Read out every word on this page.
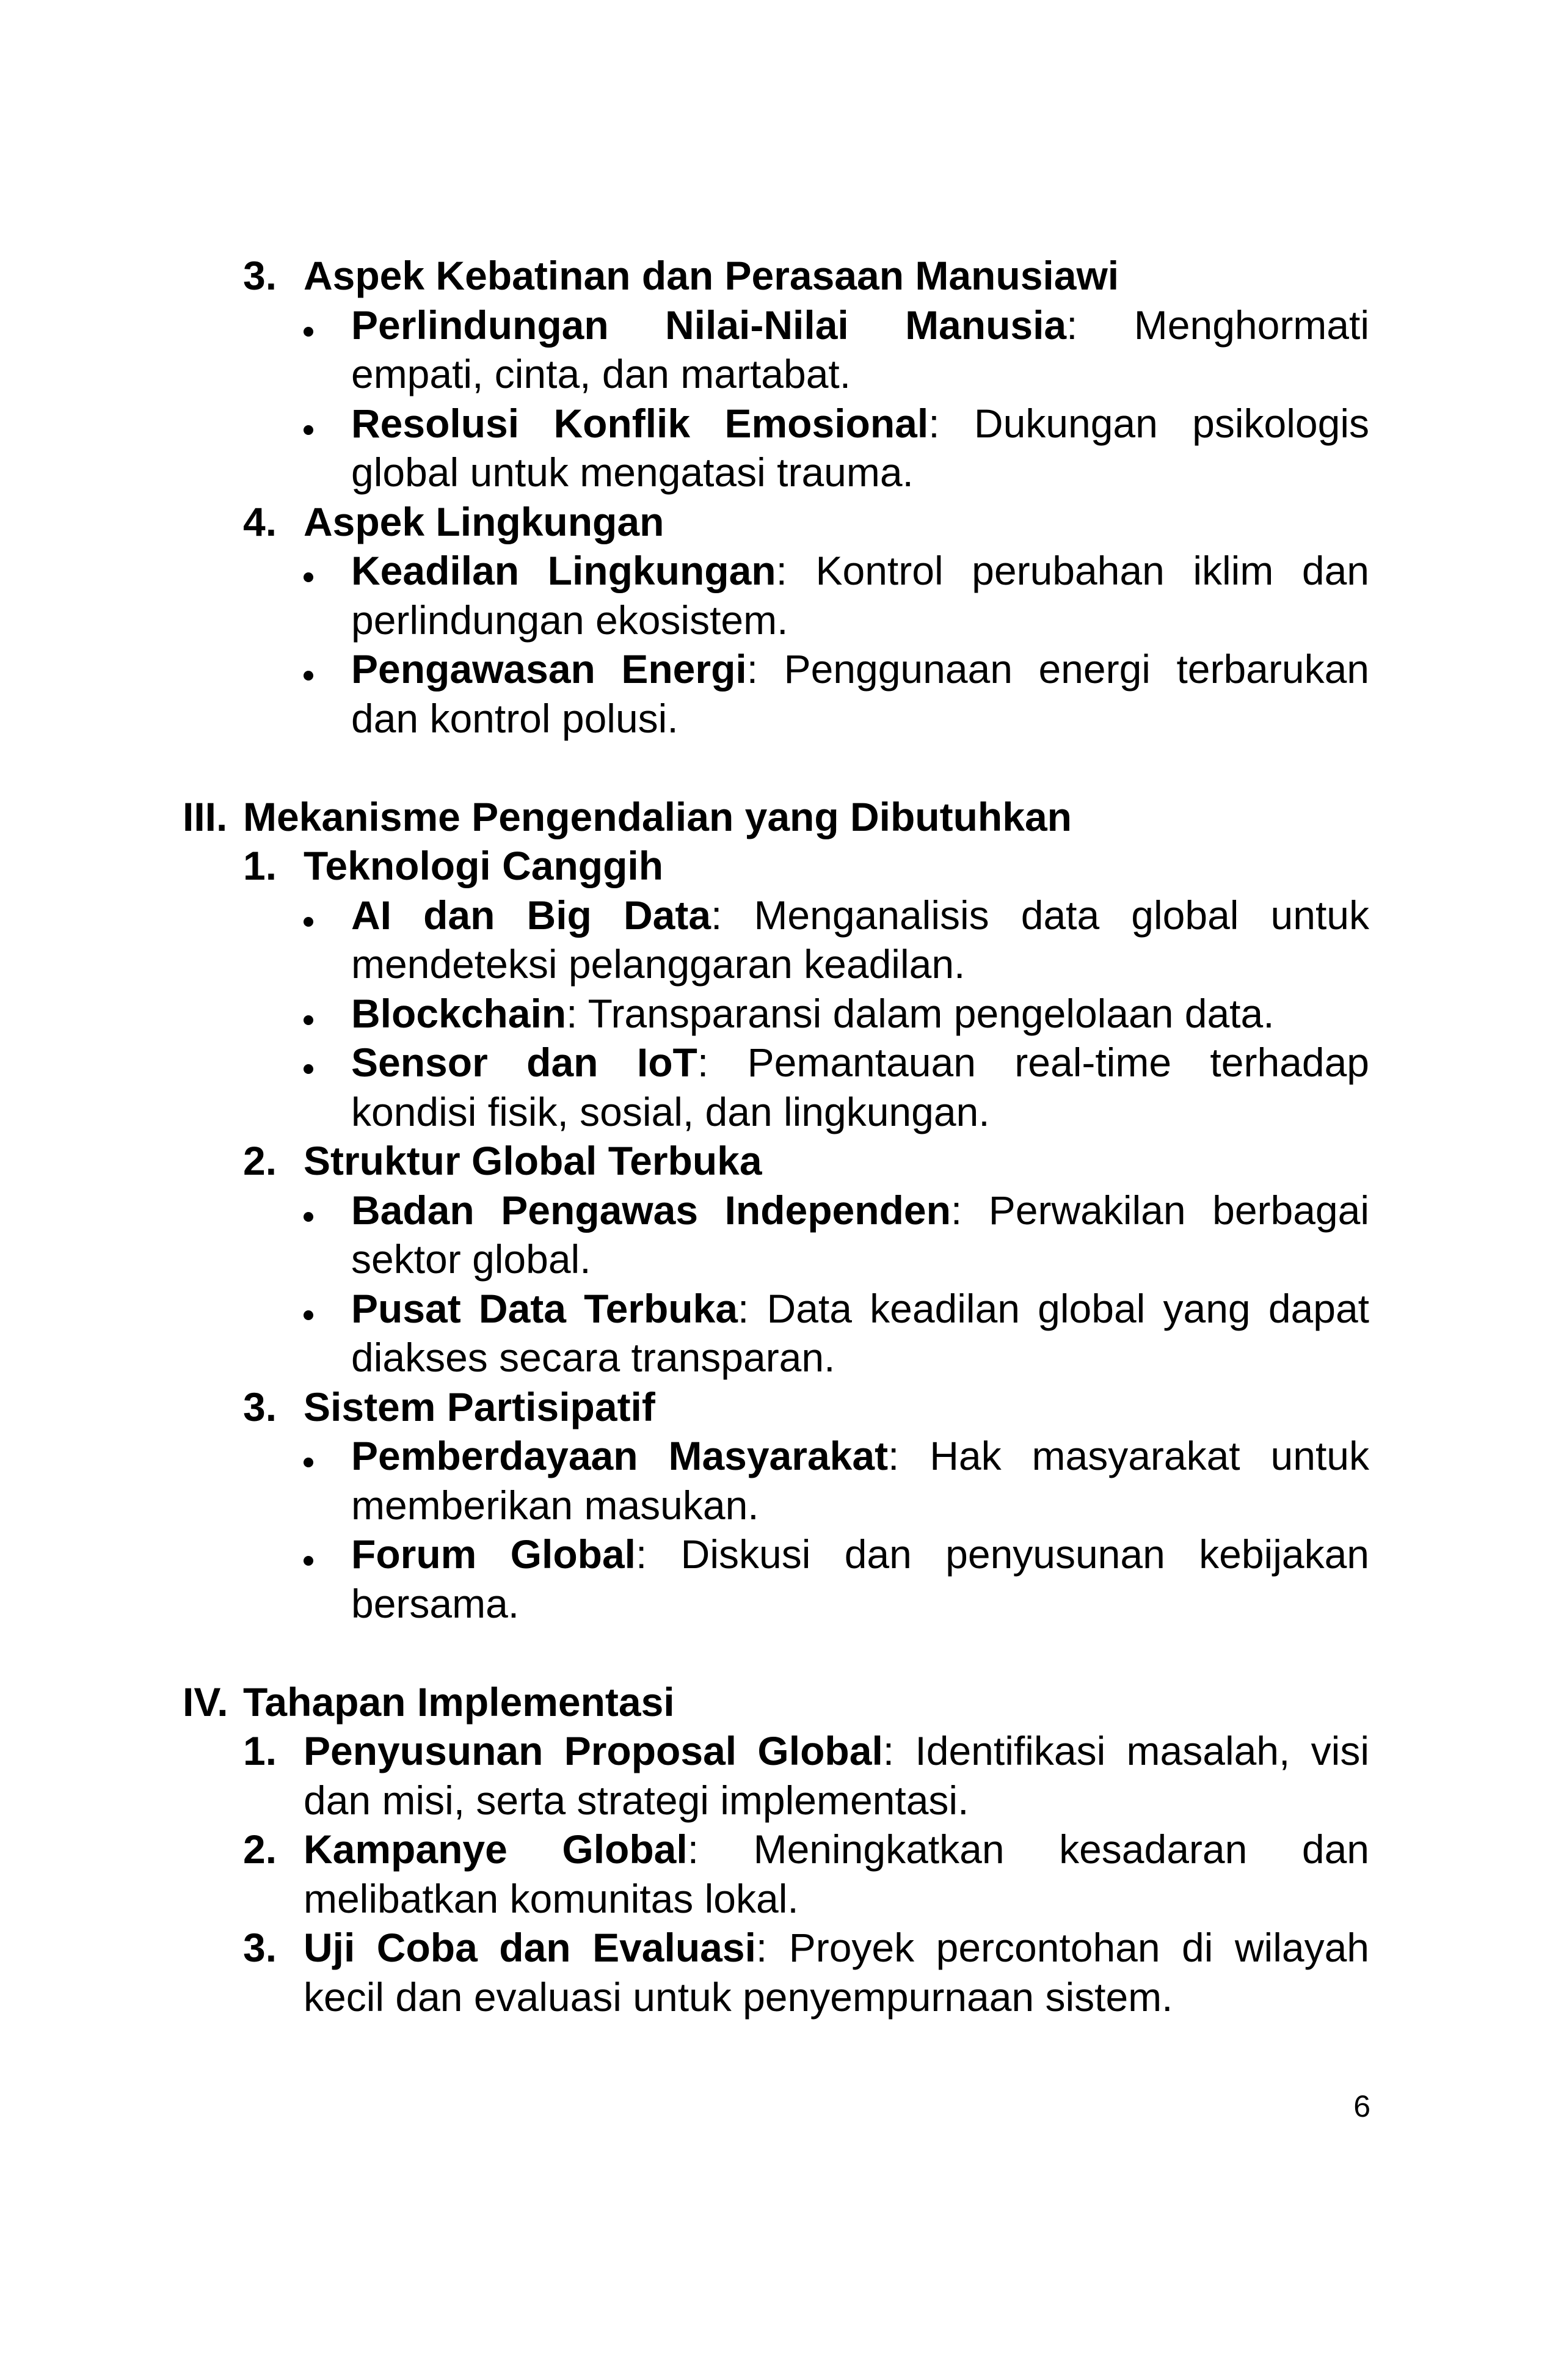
3. Aspek Kebatinan dan Perasaan Manusiawi
Perlindungan Nilai-Nilai Manusia: Menghormati
empati, cinta, dan martabat.
Resolusi Konflik Emosional: Dukungan psikologis
global untuk mengatasi trauma.
4. Aspek Lingkungan
Keadilan Lingkungan: Kontrol perubahan iklim dan
perlindungan ekosistem.
Pengawasan Energi: Penggunaan energi terbarukan
dan kontrol polusi.
III. Mekanisme Pengendalian yang Dibutuhkan
1. Teknologi Canggih
AI dan Big Data: Menganalisis data global untuk
mendeteksi pelanggaran keadilan.
Blockchain: Transparansi dalam pengelolaan data.
Sensor dan IoT: Pemantauan real-time terhadap
kondisi fisik, sosial, dan lingkungan.
2. Struktur Global Terbuka
Badan Pengawas Independen: Perwakilan berbagai
sektor global.
Pusat Data Terbuka: Data keadilan global yang dapat
diakses secara transparan.
3. Sistem Partisipatif
Pemberdayaan Masyarakat: Hak masyarakat untuk
memberikan masukan.
Forum Global: Diskusi dan penyusunan kebijakan
bersama.
IV. Tahapan Implementasi
1. Penyusunan Proposal Global: Identifikasi masalah, visi
dan misi, serta strategi implementasi.
2. Kampanye Global: Meningkatkan kesadaran dan
melibatkan komunitas lokal.
3. Uji Coba dan Evaluasi: Proyek percontohan di wilayah
kecil dan evaluasi untuk penyempurnaan sistem.
6
